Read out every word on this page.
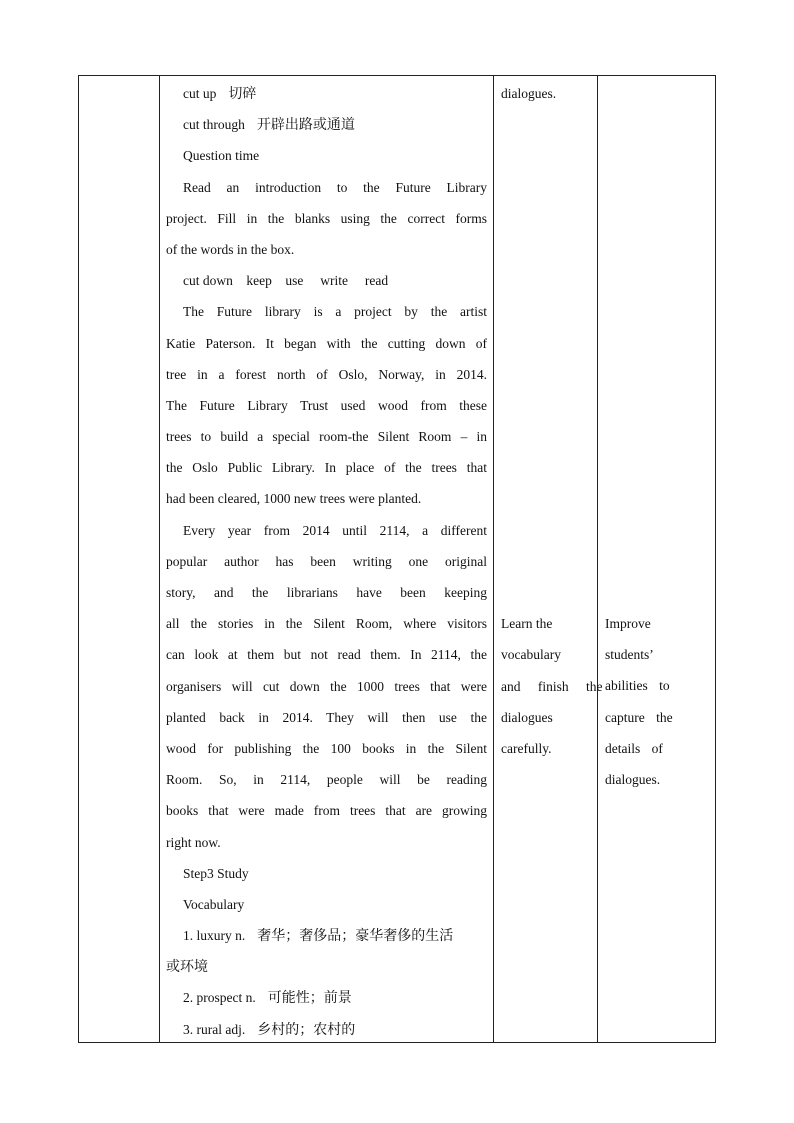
cut up 切碎
cut through 开辟出路或通道
Question time
Read an introduction to the Future Library
project. Fill in the blanks using the correct forms
of the words in the box.
cut down    keep    use     write     read
The Future library is a project by the artist
Katie Paterson. It began with the cutting down of
tree in a forest north of Oslo, Norway, in 2014.
The Future Library Trust used wood from these
trees to build a special room-the Silent Room – in
the Oslo Public Library. In place of the trees that
had been cleared, 1000 new trees were planted.
Every year from 2014 until 2114, a different
popular author has been writing one original
story, and the librarians have been keeping
all the stories in the Silent Room, where visitors
can look at them but not read them. In 2114, the
organisers will cut down the 1000 trees that were
planted back in 2014. They will then use the
wood for publishing the 100 books in the Silent
Room. So, in 2114, people will be reading
books that were made from trees that are growing
right now.
Step3 Study
Vocabulary
1. luxury n. 奢华；奢侈品；豪华奢侈的生活
或环境
2. prospect n. 可能性；前景
3. rural adj. 乡村的；农村的
dialogues.
Learn the
vocabulary
and finish the
dialogues
carefully.
Improve
students’
abilities to
capture the
details of
dialogues.
